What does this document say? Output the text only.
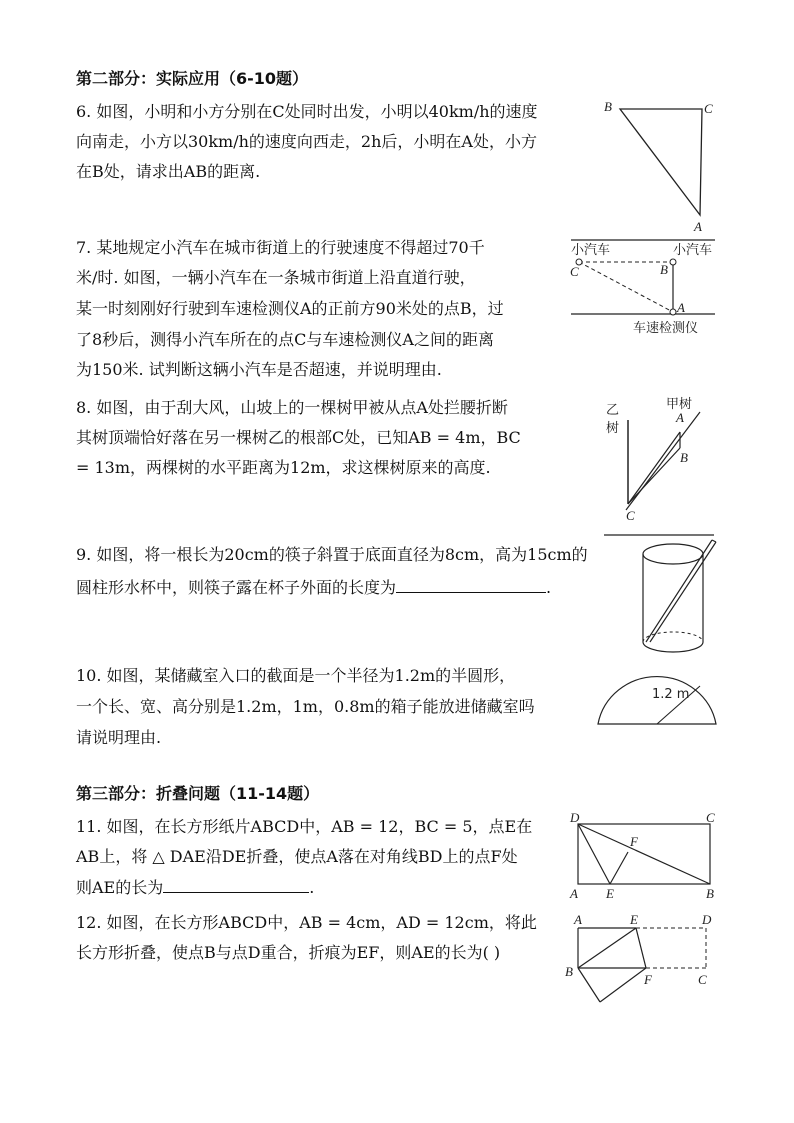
第二部分：实际应用（6-10题）
6. 如图，小明和小方分别在C处同时出发，小明以40km/h的速度
向南走，小方以30km/h的速度向西走，2h后，小明在A处，小方
在B处，请求出AB的距离.
B	C
A
7. 某地规定小汽车在城市街道上的行驶速度不得超过70千
米/时. 如图，一辆小汽车在一条城市街道上沿直道行驶，
某一时刻刚好行驶到车速检测仪A的正前方90米处的点B，过
了8秒后，测得小汽车所在的点C与车速检测仪A之间的距离
为150米. 试判断这辆小汽车是否超速，并说明理由.
小汽车	小汽车
C	B
A
车速检测仪
8. 如图，由于刮大风，山坡上的一棵树甲被从点A处拦腰折断
其树顶端恰好落在另一棵树乙的根部C处，已知AB = 4m，BC
= 13m，两棵树的水平距离为12m，求这棵树原来的高度.
乙
树
甲树
A
B
C
9. 如图，将一根长为20cm的筷子斜置于底面直径为8cm，高为15cm的
圆柱形水杯中，则筷子露在杯子外面的长度为	.
10. 如图，某储藏室入口的截面是一个半径为1.2m的半圆形，
一个长、宽、高分别是1.2m，1m，0.8m的箱子能放进储藏室吗
请说明理由.
1.2 m
第三部分：折叠问题（11-14题）
11. 如图，在长方形纸片ABCD中，AB = 12，BC = 5，点E在
AB上，将 △ DAE沿DE折叠，使点A落在对角线BD上的点F处
则AE的长为	.
D	C
F
A E	B
12. 如图，在长方形ABCD中，AB = 4cm，AD = 12cm，将此
长方形折叠，使点B与点D重合，折痕为EF，则AE的长为( )
A	E	D
B
F	C
